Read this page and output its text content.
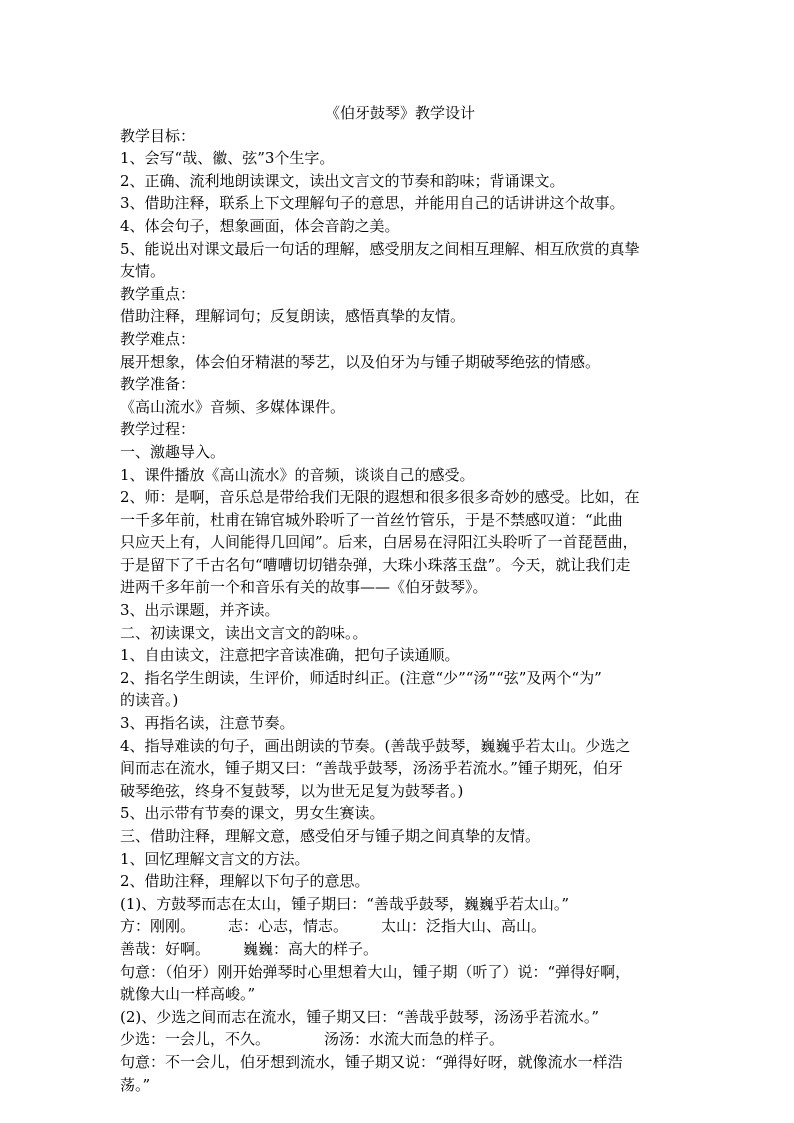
《伯牙鼓琴》教学设计

教学目标：

1、会写“哉、徽、弦”3个生字。

2、正确、流利地朗读课文，读出文言文的节奏和韵味；背诵课文。

3、借助注释，联系上下文理解句子的意思，并能用自己的话讲讲这个故事。

4、体会句子，想象画面，体会音韵之美。

5、能说出对课文最后一句话的理解，感受朋友之间相互理解、相互欣赏的真挚

友情。

教学重点：

借助注释，理解词句；反复朗读，感悟真挚的友情。

教学难点：

展开想象，体会伯牙精湛的琴艺，以及伯牙为与锺子期破琴绝弦的情感。

教学准备：

《高山流水》音频、多媒体课件。

教学过程：

一、激趣导入。

1、课件播放《高山流水》的音频，谈谈自己的感受。

2、师：是啊，音乐总是带给我们无限的遐想和很多很多奇妙的感受。比如，在

一千多年前，杜甫在锦官城外聆听了一首丝竹管乐，于是不禁感叹道：“此曲

只应天上有，人间能得几回闻”。后来，白居易在浔阳江头聆听了一首琵琶曲，

于是留下了千古名句“嘈嘈切切错杂弹，大珠小珠落玉盘”。今天，就让我们走

进两千多年前一个和音乐有关的故事——《伯牙鼓琴》。

3、出示课题，并齐读。

二、初读课文，读出文言文的韵味。。

1、自由读文，注意把字音读准确，把句子读通顺。

2、指名学生朗读，生评价，师适时纠正。(注意“少”“汤”“弦”及两个“为”

的读音。)

3、再指名读，注意节奏。

4、指导难读的句子，画出朗读的节奏。(善哉乎鼓琴，巍巍乎若太山。少选之

间而志在流水，锺子期又曰：“善哉乎鼓琴，汤汤乎若流水。”锺子期死，伯牙

破琴绝弦，终身不复鼓琴，以为世无足复为鼓琴者。)

5、出示带有节奏的课文，男女生赛读。

三、借助注释，理解文意，感受伯牙与锺子期之间真挚的友情。

1、回忆理解文言文的方法。

2、借助注释，理解以下句子的意思。

(1)、方鼓琴而志在太山，锺子期曰：“善哉乎鼓琴，巍巍乎若太山。”

方：刚刚。 志：心志，情志。 太山：泛指大山、高山。

善哉：好啊。 巍巍：高大的样子。

句意：（伯牙）刚开始弹琴时心里想着大山，锺子期（听了）说：“弹得好啊，

就像大山一样高峻。”

(2)、少选之间而志在流水，锺子期又曰：“善哉乎鼓琴，汤汤乎若流水。”

少选：一会儿，不久。	汤汤：水流大而急的样子。

句意：不一会儿，伯牙想到流水，锺子期又说：“弹得好呀，就像流水一样浩

荡。”
